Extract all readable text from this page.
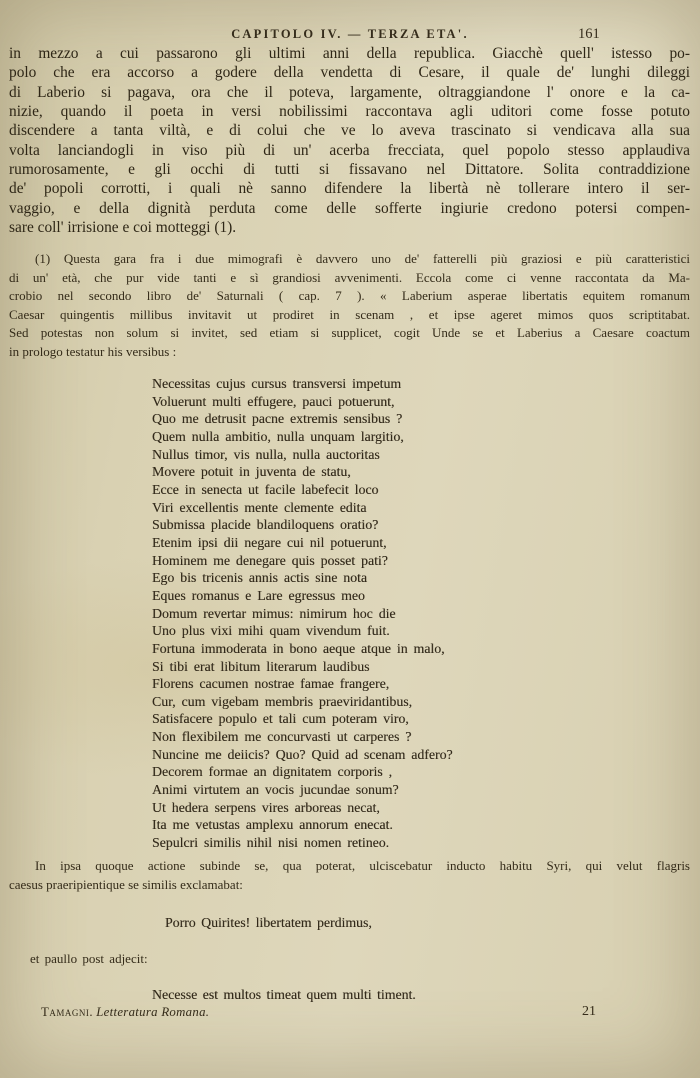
CAPITOLO IV. — TERZA ETA'.	161
in mezzo a cui passarono gli ultimi anni della republica. Giacchè quell' istesso po-
polo che era accorso a godere della vendetta di Cesare, il quale de' lunghi dileggi
di Laberio si pagava, ora che il poteva, largamente, oltraggiandone l' onore e la ca-
nizie, quando il poeta in versi nobilissimi raccontava agli uditori come fosse potuto
discendere a tanta viltà, e di colui che ve lo aveva trascinato si vendicava alla sua
volta lanciandogli in viso più di un' acerba frecciata, quel popolo stesso applaudiva
rumorosamente, e gli occhi di tutti si fissavano nel Dittatore. Solita contraddizione
de' popoli corrotti, i quali nè sanno difendere la libertà nè tollerare intero il ser-
vaggio, e della dignità perduta come delle sofferte ingiurie credono potersi compen-
sare coll' irrisione e coi motteggi (1).
(1) Questa gara fra i due mimografi è davvero uno de' fatterelli più graziosi e più caratteristici
di un' età, che pur vide tanti e sì grandiosi avvenimenti. Eccola come ci venne raccontata da Ma-
crobio nel secondo libro de' Saturnali ( cap. 7 ). « Laberium asperae libertatis equitem romanum
Caesar quingentis millibus invitavit ut prodiret in scenam , et ipse ageret mimos quos scriptitabat.
Sed potestas non solum si invitet, sed etiam si supplicet, cogit Unde se et Laberius a Caesare coactum
in prologo testatur his versibus :
Necessitas cujus cursus transversi impetum
Voluerunt multi effugere, pauci potuerunt,
Quo me detrusit pacne extremis sensibus ?
Quem nulla ambitio, nulla unquam largitio,
Nullus timor, vis nulla, nulla auctoritas
Movere potuit in juventa de statu,
Ecce in senecta ut facile labefecit loco
Viri excellentis mente clemente edita
Submissa placide blandiloquens oratio?
Etenim ipsi dii negare cui nil potuerunt,
Hominem me denegare quis posset pati?
Ego bis tricenis annis actis sine nota
Eques romanus e Lare egressus meo
Domum revertar mimus: nimirum hoc die
Uno plus vixi mihi quam vivendum fuit.
Fortuna immoderata in bono aeque atque in malo,
Si tibi erat libitum literarum laudibus
Florens cacumen nostrae famae frangere,
Cur, cum vigebam membris praeviridantibus,
Satisfacere populo et tali cum poteram viro,
Non flexibilem me concurvasti ut carperes ?
Nuncine me deiicis? Quo? Quid ad scenam adfero?
Decorem formae an dignitatem corporis ,
Animi virtutem an vocis jucundae sonum?
Ut hedera serpens vires arboreas necat,
Ita me vetustas amplexu annorum enecat.
Sepulcri similis nihil nisi nomen retineo.
In ipsa quoque actione subinde se, qua poterat, ulciscebatur inducto habitu Syri, qui velut flagris
caesus praeripientique se similis exclamabat:
Porro Quirites! libertatem perdimus,
et paullo post adjecit:
Necesse est multos timeat quem multi timent.
Tamagni. Letteratura Romana.	21
